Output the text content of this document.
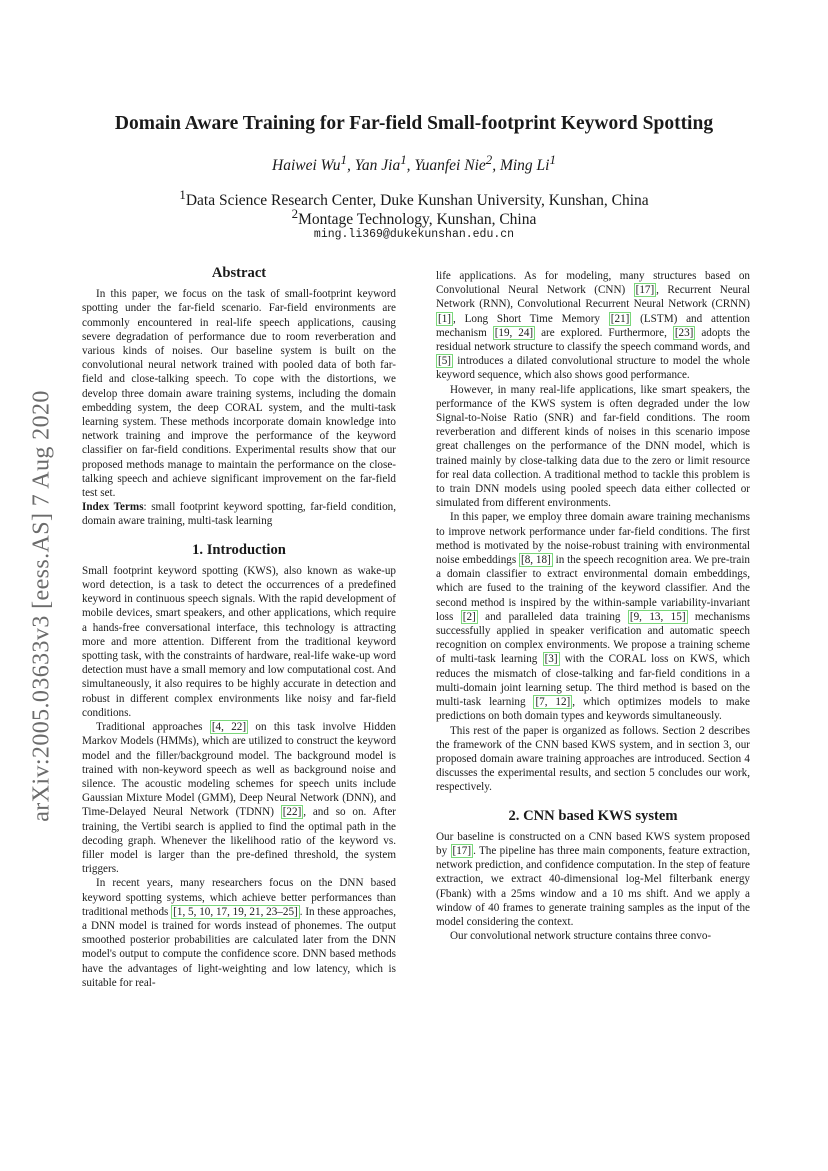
Domain Aware Training for Far-field Small-footprint Keyword Spotting
Haiwei Wu$^1$, Yan Jia$^1$, Yuanfei Nie$^2$, Ming Li$^1$
$^1$Data Science Research Center, Duke Kunshan University, Kunshan, China
$^2$Montage Technology, Kunshan, China
ming.li369@dukekunshan.edu.cn
arXiv:2005.03633v3 [eess.AS] 7 Aug 2020
Abstract

In this paper, we focus on the task of small-footprint keyword spotting under the far-field scenario. Far-field environments are commonly encountered in real-life speech applications, causing severe degradation of performance due to room reverberation and various kinds of noises. Our baseline system is built on the convolutional neural network trained with pooled data of both far-field and close-talking speech. To cope with the distortions, we develop three domain aware training systems, including the domain embedding system, the deep CORAL system, and the multi-task learning system. These methods incorporate domain knowledge into network training and improve the performance of the keyword classifier on far-field conditions. Experimental results show that our proposed methods manage to maintain the performance on the close-talking speech and achieve significant improvement on the far-field test set.

Index Terms: small footprint keyword spotting, far-field condition, domain aware training, multi-task learning

1. Introduction

Small footprint keyword spotting (KWS), also known as wake-up word detection, is a task to detect the occurrences of a predefined keyword in continuous speech signals. With the rapid development of mobile devices, smart speakers, and other applications, which require a hands-free conversational interface, this technology is attracting more and more attention. Different from the traditional keyword spotting task, with the constraints of hardware, real-life wake-up word detection must have a small memory and low computational cost. And simultaneously, it also requires to be highly accurate in detection and robust in different complex environments like noisy and far-field conditions.

Traditional approaches [4, 22] on this task involve Hidden Markov Models (HMMs), which are utilized to construct the keyword model and the filler/background model. The background model is trained with non-keyword speech as well as background noise and silence. The acoustic modeling schemes for speech units include Gaussian Mixture Model (GMM), Deep Neural Network (DNN), and Time-Delayed Neural Network (TDNN) [22] , and so on. After training, the Vertibi search is applied to find the optimal path in the decoding graph. Whenever the likelihood ratio of the keyword vs. filler model is larger than the pre-defined threshold, the system triggers.

In recent years, many researchers focus on the DNN based keyword spotting systems, which achieve better performances than traditional methods [1, 5, 10, 17, 19, 21, 23–25] . In these approaches, a DNN model is trained for words instead of phonemes. The output smoothed posterior probabilities are calculated later from the DNN model's output to compute the confidence score. DNN based methods have the advantages of light-weighting and low latency, which is suitable for real-

life applications. As for modeling, many structures based on Convolutional Neural Network (CNN) [17] , Recurrent Neural Network (RNN), Convolutional Recurrent Neural Network (CRNN) [1] , Long Short Time Memory [21] (LSTM) and attention mechanism [19, 24] are explored. Furthermore, [23] adopts the residual network structure to classify the speech command words, and [5] introduces a dilated convolutional structure to model the whole keyword sequence, which also shows good performance.

However, in many real-life applications, like smart speakers, the performance of the KWS system is often degraded under the low Signal-to-Noise Ratio (SNR) and far-field conditions. The room reverberation and different kinds of noises in this scenario impose great challenges on the performance of the DNN model, which is trained mainly by close-talking data due to the zero or limit resource for real data collection. A traditional method to tackle this problem is to train DNN models using pooled speech data either collected or simulated from different environments.

In this paper, we employ three domain aware training mechanisms to improve network performance under far-field conditions. The first method is motivated by the noise-robust training with environmental noise embeddings [8, 18] in the speech recognition area. We pre-train a domain classifier to extract environmental domain embeddings, which are fused to the training of the keyword classifier. And the second method is inspired by the within-sample variability-invariant loss [2] and paralleled data training [9, 13, 15] mechanisms successfully applied in speaker verification and automatic speech recognition on complex environments. We propose a training scheme of multi-task learning [3] with the CORAL loss on KWS, which reduces the mismatch of close-talking and far-field conditions in a multi-domain joint learning setup. The third method is based on the multi-task learning [7, 12] , which optimizes models to make predictions on both domain types and keywords simultaneously.

This rest of the paper is organized as follows. Section 2 describes the framework of the CNN based KWS system, and in section 3, our proposed domain aware training approaches are introduced. Section 4 discusses the experimental results, and section 5 concludes our work, respectively.

2. CNN based KWS system

Our baseline is constructed on a CNN based KWS system proposed by [17] . The pipeline has three main components, feature extraction, network prediction, and confidence computation. In the step of feature extraction, we extract 40-dimensional log-Mel filterbank energy (Fbank) with a 25ms window and a 10 ms shift. And we apply a window of 40 frames to generate training samples as the input of the model considering the context.

Our convolutional network structure contains three convo-
